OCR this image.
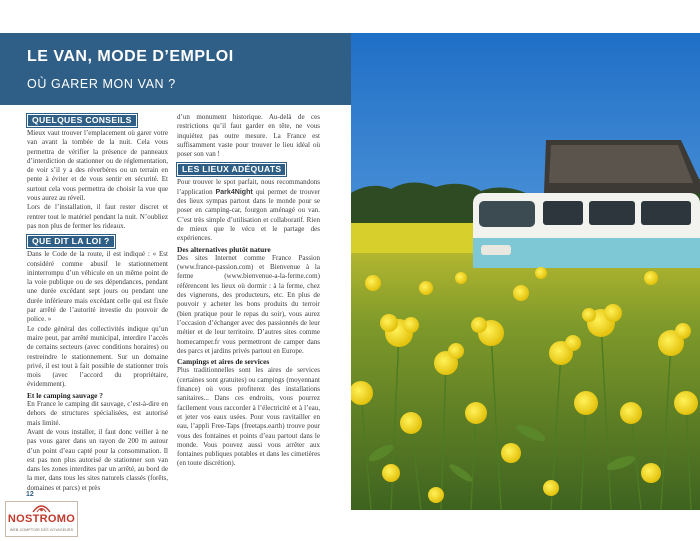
LE VAN, MODE D’EMPLOI
OÙ GARER MON VAN ?
QUELQUES CONSEILS

Mieux vaut trouver l’emplacement où garer votre van avant la tombée de la nuit. Cela vous permettra de vérifier la présence de panneaux d’interdiction de stationner ou de réglementation, de voir s’il y a des réverbères ou un terrain en pente à éviter et de vous sentir en sécurité. Et surtout cela vous permettra de choisir la vue que vous aurez au réveil.

Lors de l’installation, il faut rester discret et rentrer tout le matériel pendant la nuit. N’oubliez pas non plus de fermer les rideaux.

QUE DIT LA LOI ?

Dans le Code de la route, il est indiqué : « Est considéré comme abusif le stationnement ininterrompu d’un véhicule en un même point de la voie publique ou de ses dépendances, pendant une durée excédant sept jours ou pendant une durée inférieure mais excédant celle qui est fixée par arrêté de l’autorité investie du pouvoir de police. »

Le code général des collectivités indique qu’un maire peut, par arrêté municipal, interdire l’accès de certains secteurs (avec conditions horaires) ou restreindre le stationnement. Sur un domaine privé, il est tout à fait possible de stationner trois mois (avec l’accord du propriétaire, évidemment).

Et le camping sauvage ?

En France le camping dit sauvage, c’est-à-dire en dehors de structures spécialisées, est autorisé mais limité.

Avant de vous installer, il faut donc veiller à ne pas vous garer dans un rayon de 200 m autour d’un point d’eau capté pour la consommation. Il est pas non plus autorisé de stationner son van dans les zones interdites par un arrêté, au bord de la mer, dans tous les sites naturels classés (forêts, domaines et parcs) et près

d’un monument historique. Au-delà de ces restrictions qu’il faut garder en tête, ne vous inquiétez pas outre mesure. La France est suffisamment vaste pour trouver le lieu idéal où poser son van !

LES LIEUX ADÉQUATS

Pour trouver le spot parfait, nous recommandons l’application Park4Night qui permet de trouver des lieux sympas partout dans le monde pour se poser en camping-car, fourgon aménagé ou van. C’est très simple d’utilisation et collaboratif. Rien de mieux que le vécu et le partage des expériences.

Des alternatives plutôt nature

Des sites Internet comme France Passion (www.france-passion.com) et Bienvenue à la ferme (www.bienvenue-a-la-ferme.com) référencent les lieux où dormir : à la ferme, chez des vignerons, des producteurs, etc. En plus de pouvoir y acheter les bons produits du terroir (bien pratique pour le repas du soir), vous aurez l’occasion d’échanger avec des passionnés de leur métier et de leur territoire. D’autres sites comme homecamper.fr vous permettront de camper dans des parcs et jardins privés partout en Europe.

Campings et aires de services

Plus traditionnelles sont les aires de services (certaines sont gratuites) ou campings (moyennant finance) où vous profiterez des installations sanitaires... Dans ces endroits, vous pourrez facilement vous raccorder à l’électricité et à l’eau, et jeter vos eaux usées. Pour vous ravitailler en eau, l’appli Free-Taps (freetaps.earth) trouve pour vous des fontaines et points d’eau partout dans le monde. Vous pouvez aussi vous arrêter aux fontaines publiques potables et dans les cimetières (en toute discrétion).

12
NOSTROMO
WEB-COMPTOIR DES VOYAGEURS
